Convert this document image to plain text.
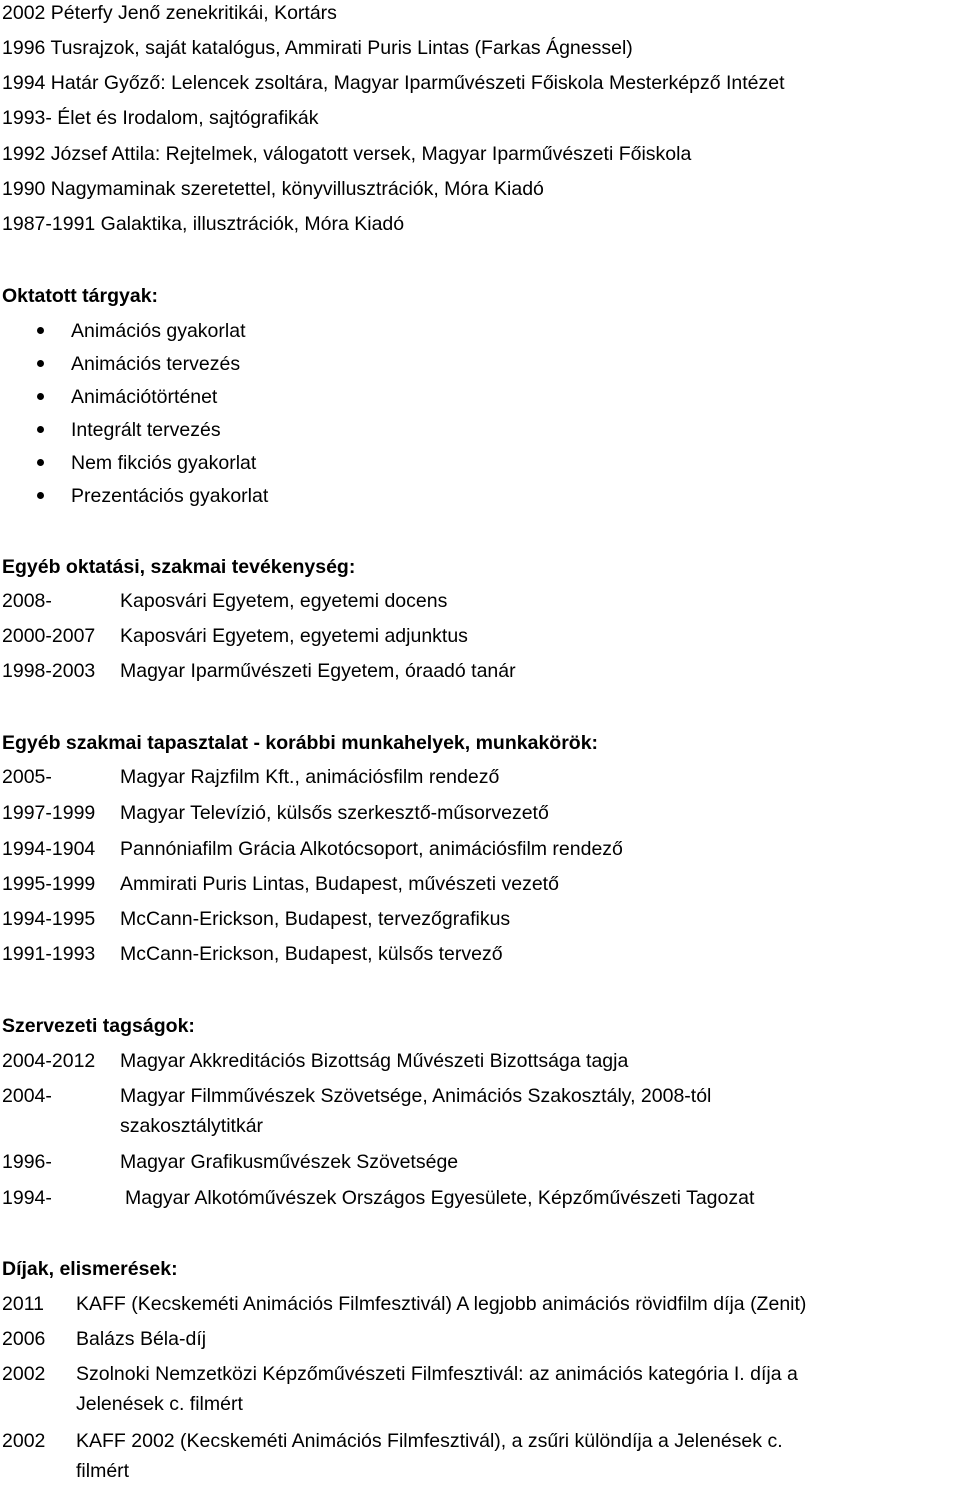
2002 Péterfy Jenő zenekritikái, Kortárs
1996 Tusrajzok, saját katalógus, Ammirati Puris Lintas (Farkas Ágnessel)
1994 Határ Győző: Lelencek zsoltára, Magyar Iparművészeti Főiskola Mesterképző Intézet
1993- Élet és Irodalom, sajtógrafikák
1992 József Attila: Rejtelmek, válogatott versek, Magyar Iparművészeti Főiskola
1990 Nagymaminak szeretettel, könyvillusztrációk, Móra Kiadó
1987-1991 Galaktika, illusztrációk, Móra Kiadó
Oktatott tárgyak:
Animációs gyakorlat
Animációs tervezés
Animációtörténet
Integrált tervezés
Nem fikciós gyakorlat
Prezentációs gyakorlat
Egyéb oktatási, szakmai tevékenység:
2008-	Kaposvári Egyetem, egyetemi docens
2000-2007 Kaposvári Egyetem, egyetemi adjunktus
1998-2003 Magyar Iparművészeti Egyetem, óraadó tanár
Egyéb szakmai tapasztalat - korábbi munkahelyek, munkakörök:
2005-	Magyar Rajzfilm Kft., animációsfilm rendező
1997-1999 Magyar Televízió, külsős szerkesztő-műsorvezető
1994-1904 Pannóniafilm Grácia Alkotócsoport, animációsfilm rendező
1995-1999 Ammirati Puris Lintas, Budapest, művészeti vezető
1994-1995 McCann-Erickson, Budapest, tervezőgrafikus
1991-1993 McCann-Erickson, Budapest, külsős tervező
Szervezeti tagságok:
2004-2012 Magyar Akkreditációs Bizottság Művészeti Bizottsága tagja
2004-	Magyar Filmművészek Szövetsége, Animációs Szakosztály, 2008-tól
szakosztálytitkár
1996-	Magyar Grafikusművészek Szövetsége
1994-	Magyar Alkotóművészek Országos Egyesülete, Képzőművészeti Tagozat
Díjak, elismerések:
2011 KAFF (Kecskeméti Animációs Filmfesztivál) A legjobb animációs rövidfilm díja (Zenit)
2006 Balázs Béla-díj
2002 Szolnoki Nemzetközi Képzőművészeti Filmfesztivál: az animációs kategória I. díja a
Jelenések c. filmért
2002 KAFF 2002 (Kecskeméti Animációs Filmfesztivál), a zsűri különdíja a Jelenések c.
filmért
